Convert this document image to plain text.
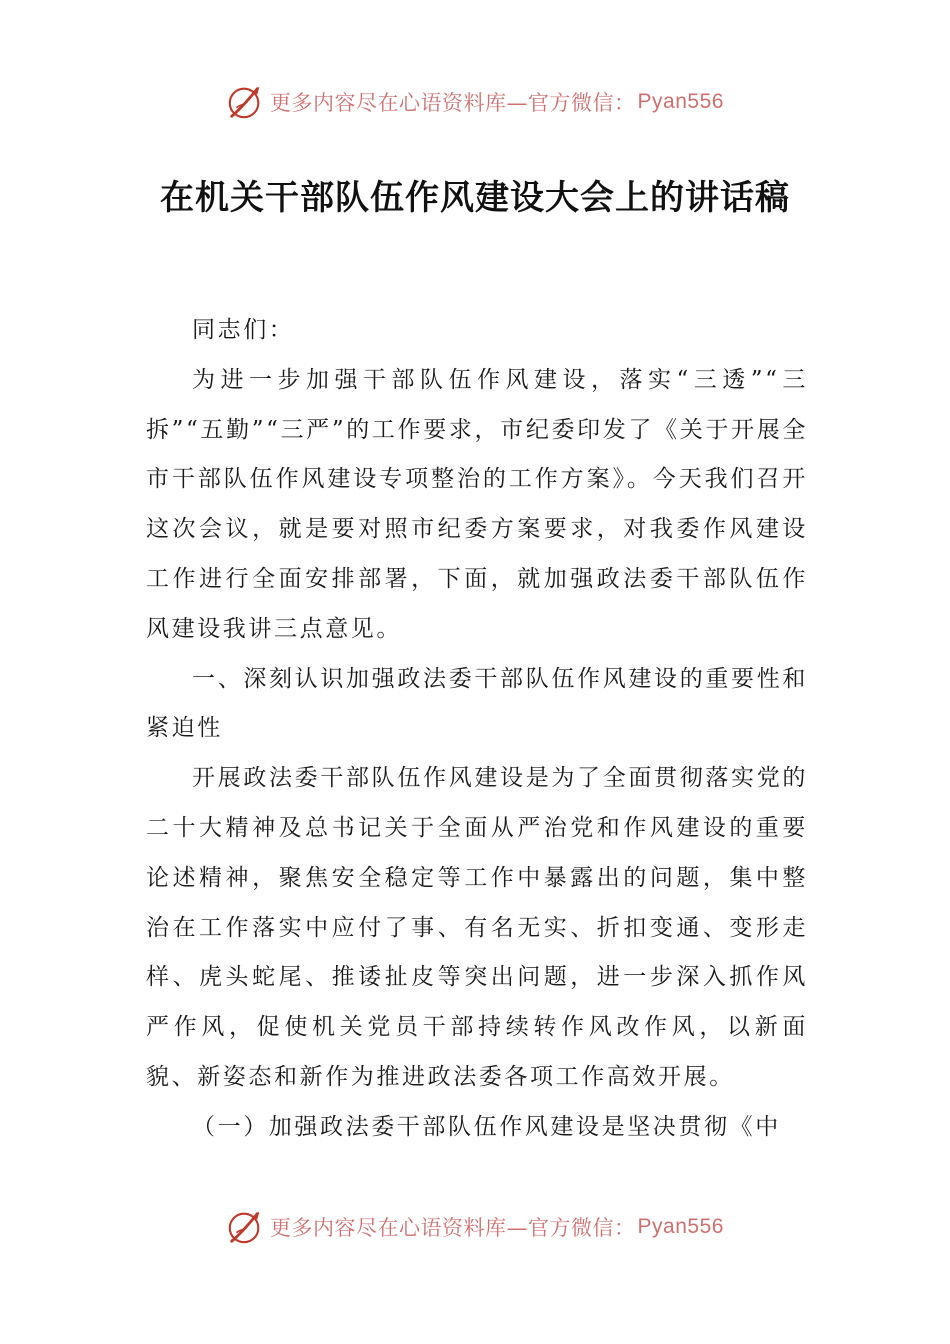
更多内容尽在心语资料库—官方微信： Pyan556
在机关干部队伍作风建设大会上的讲话稿

同志们：

为进一步加强干部队伍作风建设，落实“三透”“三拆”“五勤”“三严”的工作要求，市纪委印发了《关于开展全市干部队伍作风建设专项整治的工作方案》。今天我们召开这次会议，就是要对照市纪委方案要求，对我委作风建设工作进行全面安排部署，下面，就加强政法委干部队伍作风建设我讲三点意见。

一、深刻认识加强政法委干部队伍作风建设的重要性和紧迫性

开展政法委干部队伍作风建设是为了全面贯彻落实党的二十大精神及总书记关于全面从严治党和作风建设的重要论述精神，聚焦安全稳定等工作中暴露出的问题，集中整治在工作落实中应付了事、有名无实、折扣变通、变形走样、虎头蛇尾、推诿扯皮等突出问题，进一步深入抓作风严作风，促使机关党员干部持续转作风改作风，以新面貌、新姿态和新作为推进政法委各项工作高效开展。

（一）加强政法委干部队伍作风建设是坚决贯彻《中

更多内容尽在心语资料库—官方微信： Pyan556
